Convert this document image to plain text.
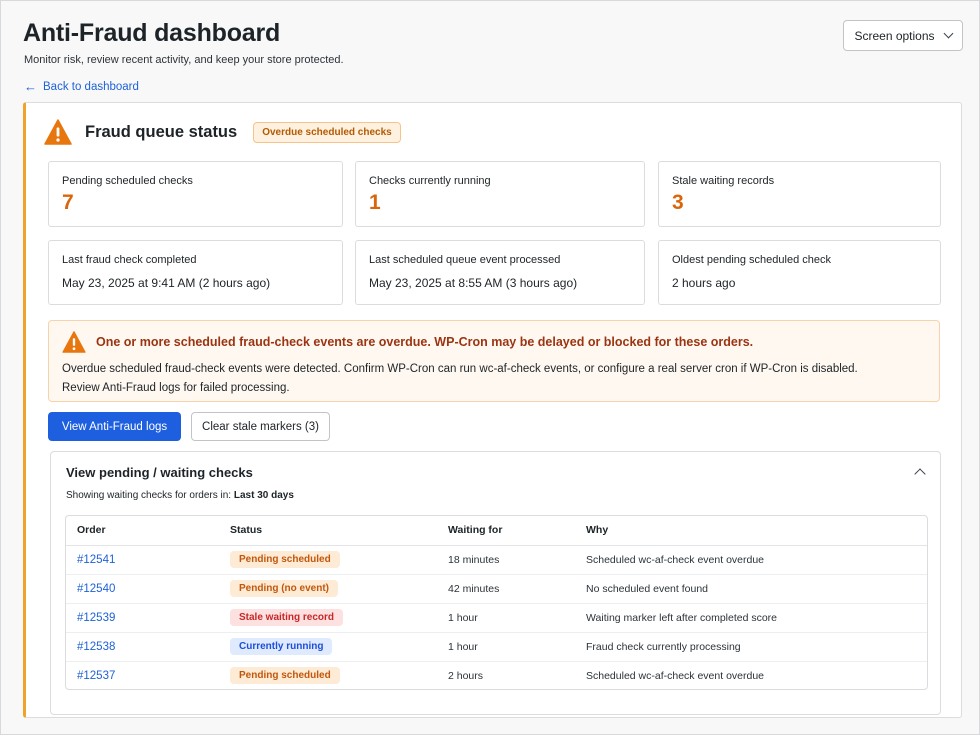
Anti-Fraud dashboard
Monitor risk, review recent activity, and keep your store protected.
← Back to dashboard
Screen options
Fraud queue status	Overdue scheduled checks
Pending scheduled checks
7
Checks currently running
1
Stale waiting records
3
Last fraud check completed
May 23, 2025 at 9:41 AM (2 hours ago)
Last scheduled queue event processed
May 23, 2025 at 8:55 AM (3 hours ago)
Oldest pending scheduled check
2 hours ago
One or more scheduled fraud-check events are overdue. WP-Cron may be delayed or blocked for these orders.
Overdue scheduled fraud-check events were detected. Confirm WP-Cron can run wc-af-check events, or configure a real server cron if WP-Cron is disabled.
Review Anti-Fraud logs for failed processing.
View Anti-Fraud logs	Clear stale markers (3)
View pending / waiting checks
Showing waiting checks for orders in: Last 30 days
Order	Status	Waiting for	Why
#12541	Pending scheduled	18 minutes	Scheduled wc-af-check event overdue
#12540	Pending (no event)	42 minutes	No scheduled event found
#12539	Stale waiting record	1 hour	Waiting marker left after completed score
#12538	Currently running	1 hour	Fraud check currently processing
#12537	Pending scheduled	2 hours	Scheduled wc-af-check event overdue
